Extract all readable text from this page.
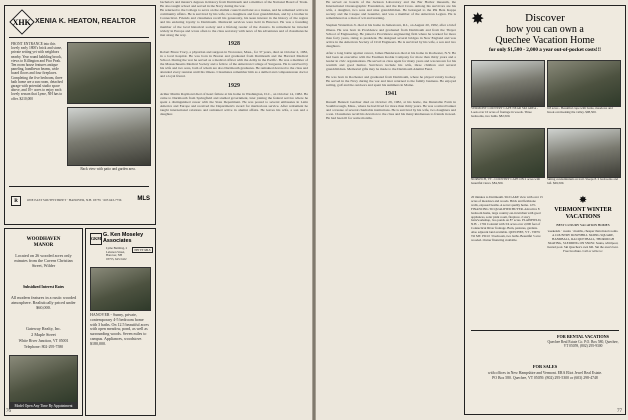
XHK XENIA K. HEATON, REALTOR
FRONT ENTRANCE into this lovely early 1800's brick and stone, private setting yet with neighbors nearby. Year round babbling brook, views to Killington and Pico Peak. Ten room house features antique paneling, handhewn beams, wide board floors and four fireplaces. Completing the five bedroom, three bath home are a sun room, detached garage with potential studio space above, and 10+ acres to enjoy each lovely season that Lyme, NH has to offer. $210,000
Back view with patio and garden area.
R	ONE EAST SOUTH STREET · HANOVER, N.H. 03755 · 603 643-7736	MLS
WOODHAVEN MANOR
Located on 26 wooded acres only minutes from the Cavern Christian Street, Wilder
Subsidized Interest Rates
All modern features in a rustic wooded atmosphere. Realistically priced under $60,000.
Gateway Realty, Inc.
2 Maple Street
White River Junction, VT 05001
Telephone: 802-295-7580
Model Open Any Time By Appointment
GKM
G. Ken Moseley Associates
Lyme Building, 2 Lebanon Street, Hanover, NH 03755, 643-5422
NH·VT MLS
HANOVER - Sunny, private, contemporary 4-5 bedroom home with 3 baths. On 12.5 beautiful acres with open meadow, pond, as well as surrounding woods. Seven miles to campus. Appliances, woodstove. $180,000.

bachelor's and master's degrees in history from Dartmouth and a member of the National Board of Trade. He also taught school and served in the Navy during the war.

He returned to the College to serve on the alumni council and later as a trustee, and he remained active in community affairs. He is survived by his wife, two daughters and four grandchildren, and by a brother in Connecticut. Friends and classmates recall his generosity, his keen interest in the history of the region and his enduring loyalty to Dartmouth. Memorial services were held in Hanover. He was a founding member of the local historical society and a lifelong reader of the classics. In retirement he traveled widely in Europe and wrote often to the class secretary with news of his adventures and of classmates he met along the way.

1928

Robert Bruce Tracy, a physician and surgeon in Worcester, Mass., for 37 years, died on October 2, 1982, in a local hospital. He was born in Boston and graduated from Dartmouth and the Harvard Medical School. During the war he served as a medical officer with the Army in the Pacific. He was a member of the Massachusetts Medical Society and a fellow of the American College of Surgeons. He is survived by his wife and two sons, both of whom are also Dartmouth graduates. He remained devoted to the class and attended every reunion until his illness. Classmates remember him as a skilled and compassionate doctor and a loyal friend.

1929

Arthur Martin Raymond died of heart failure at his home in Washington, D.C., on October 14, 1982. He came to Dartmouth from Springfield and studied government, later joining the federal service where he spent a distinguished career with the State Department. He was posted to several embassies in Latin America and Europe and received the Department's award for meritorious service. After retirement he taught international relations and remained active in alumni affairs. He leaves his wife, a son and a daughter.

76

He served on boards of the Jackson Laboratory and the Bar Harbor museum, the International Oceanographic Foundation, and the Red Cross. Among his survivors are his wife, a daughter, two sons and nine grandchildren. He belonged to the Phi Beta Kappa society and the Casque and Gauntlet, and was a member of the American Legion. He is remembered as a man of wit and learning.

Stephen Waterman Jr. died at his home in Jamestown, R.I., on August 20, 1982, after a brief illness. He was born in Providence and graduated from Dartmouth and from the Thayer School of Engineering. He joined a Providence engineering firm where he worked for more than forty years, rising to president. He designed several bridges in New England and was active in the American Society of Civil Engineers. He is survived by his wife, a son and two daughters.

After a long battle against cancer, James Henderson died at his home in Rochester, N.Y. He had been an executive with the Eastman Kodak Company for more than thirty years and a leader in civic organizations. He served as class agent for many years and was known for his warmth and good humor. Survivors include his wife, three children and several grandchildren. Memorial gifts may be made to the Dartmouth Alumni Fund.

He was born in Rochester and graduated from Dartmouth, where he played varsity hockey. He served in the Navy during the war and later returned to the family business. He enjoyed sailing, golf and the outdoors and spent his summers in Maine.

1941

Russell Bennett Gardner died on October 29, 1982, at his home, the Dunstable Farm in Southborough, Mass., where he had lived for more than thirty years. He was a retired banker and a trustee of several charitable institutions. He is survived by his wife, two daughters and a son. Classmates recall his devotion to the class and his many kindnesses to friends in need. He had been ill for some months.

✸	Discover
how you can own a
Quechee Vacation Home
for only $1,500 - 2,000 a year out-of-pocket costs!!!
VERMONT COUNTRY CAPE NEAR SKI AREA - Look over 10 acres of frontage in woods. Three bedrooms, two baths. $82,500.
9.8 acres - Beautiful cape with barns, meadows and brook overlooking the valley. $98,500.
NORWICH, VT - COUNTRY CAPE ON 2 acres with beautiful views. $84,500.
Skiing condominium on trail. Sleeps 8. 2 bedrooms and loft. $69,500.
20 minutes to Dartmouth. SKI LAKE view with over 15 acres of meadows and woods. Brick and fieldstone walls, exposed beams. A secret quality home. 12% FINANCING TO QUALIFIED BUYER. Attractive 8 bedroom home, large country eat-in kitchen with good appliances, solar plant room, fireplace. 2 story barn/workshop, two ponds on 8+ acres. PLAINFIELD, N.H. - 1792 Colonial with 3/4 acres over 2,000 feet of Connecticut River frontage. Barn, pastures, gardens. Also adjacent land available. QUECHEE, VT - VIEW TO MT. PICO: 3 bedroom, two baths. Beautiful 5 acre wooded. Owner financing available.
✸
VERMONT WINTER VACATIONS
BEST LUXURY VACATION HOMES
weekends · weeks · months, cheaper than motel rooms. A COUNTRY DOWNHILL SKIING SQUARE, HANDBALL, RACQUETBALL, THOROUGH SKATING, SLEDDING ON SNOW. Sauna, whirlpool, heated pool. Ski Quechee's own hill. Ski the area's best. Free brochure. Call or write to:
FOR RENTAL VACATIONS
Quechee Real Estate Co. P.O. Box 580, Quechee, VT 05059, (802) 295-9300
FOR SALES
with offices in New Hampshire and Vermont. ERA Eliot Jewel Real Estate. PO Box 580. Quechee, VT 05059. (802) 295-5300 or (603) 298-4748
77
